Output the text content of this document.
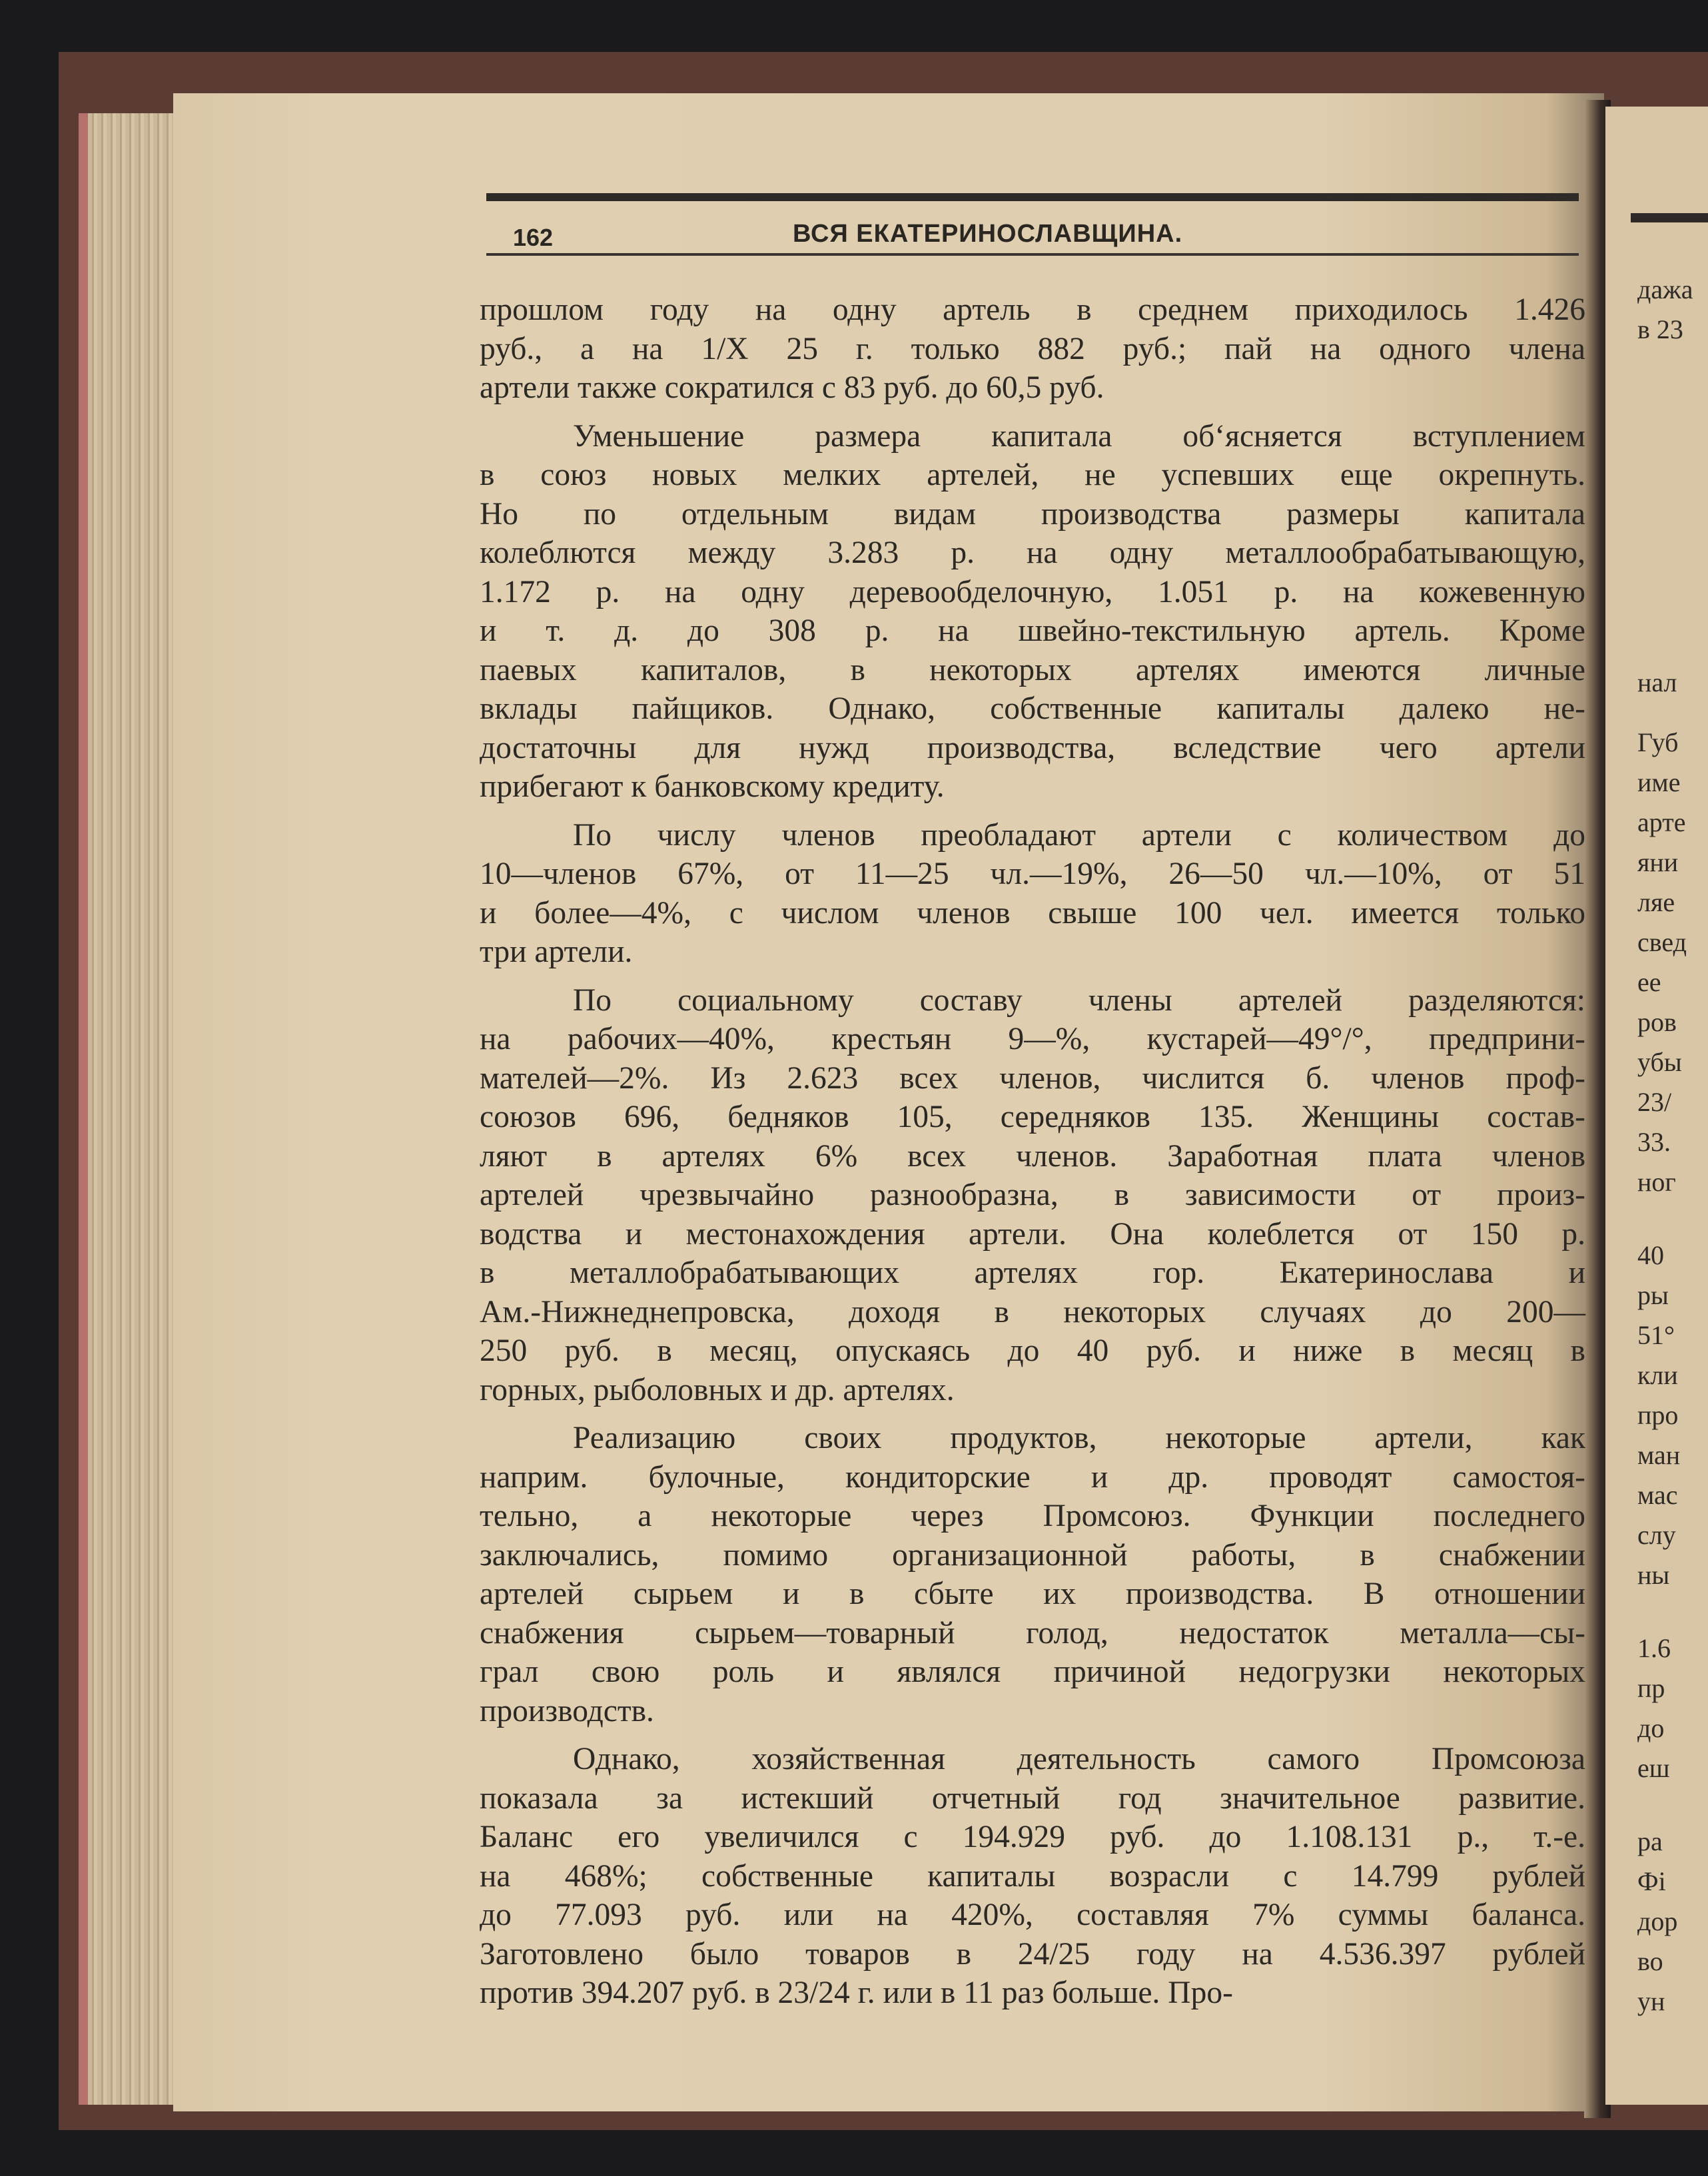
дажа
в 23
нал
Губ
име
арте
яни
ляе
свед
ее
ров
убы
23/
33.
ног
40
ры
51°
кли
про
ман
мас
слу
ны
1.6
пр
до
еш
ра
Фі
дор
во
ун
162	ВСЯ ЕКАТЕРИНОСЛАВЩИНА.
прошлом году на одну артель в среднем приходилось 1.426
руб., а на 1/Х 25 г. только 882 руб.; пай на одного члена
артели также сократился с 83 руб. до 60,5 руб.
Уменьшение размера капитала об‘ясняется вступлением
в союз новых мелких артелей, не успевших еще окрепнуть.
Но по отдельным видам производства размеры капитала
колеблются между 3.283 р. на одну металлообрабатывающую,
1.172 р. на одну деревообделочную, 1.051 р. на кожевенную
и т. д. до 308 р. на швейно-текстильную артель. Кроме
паевых капиталов, в некоторых артелях имеются личные
вклады пайщиков. Однако, собственные капиталы далеко не-
достаточны для нужд производства, вследствие чего артели
прибегают к банковскому кредиту.
По числу членов преобладают артели с количеством до
10—членов 67%, от 11—25 чл.—19%, 26—50 чл.—10%, от 51
и более—4%, с числом членов свыше 100 чел. имеется только
три артели.
По социальному составу члены артелей разделяются:
на рабочих—40%, крестьян 9—%, кустарей—49°/°, предприни-
мателей—2%. Из 2.623 всех членов, числится б. членов проф-
союзов 696, бедняков 105, середняков 135. Женщины состав-
ляют в артелях 6% всех членов. Заработная плата членов
артелей чрезвычайно разнообразна, в зависимости от произ-
водства и местонахождения артели. Она колеблется от 150 р.
в металлобрабатывающих артелях гор. Екатеринослава и
Ам.-Нижнеднепровска, доходя в некоторых случаях до 200—
250 руб. в месяц, опускаясь до 40 руб. и ниже в месяц в
горных, рыболовных и др. артелях.
Реализацию своих продуктов, некоторые артели, как
наприм. булочные, кондиторские и др. проводят самостоя-
тельно, а некоторые через Промсоюз. Функции последнего
заключались, помимо организационной работы, в снабжении
артелей сырьем и в сбыте их производства. В отношении
снабжения сырьем—товарный голод, недостаток металла—сы-
грал свою роль и являлся причиной недогрузки некоторых
производств.
Однако, хозяйственная деятельность самого Промсоюза
показала за истекший отчетный год значительное развитие.
Баланс его увеличился с 194.929 руб. до 1.108.131 р., т.-е.
на 468%; собственные капиталы возрасли с 14.799 рублей
до 77.093 руб. или на 420%, составляя 7% суммы баланса.
Заготовлено было товаров в 24/25 году на 4.536.397 рублей
против 394.207 руб. в 23/24 г. или в 11 раз больше. Про-
